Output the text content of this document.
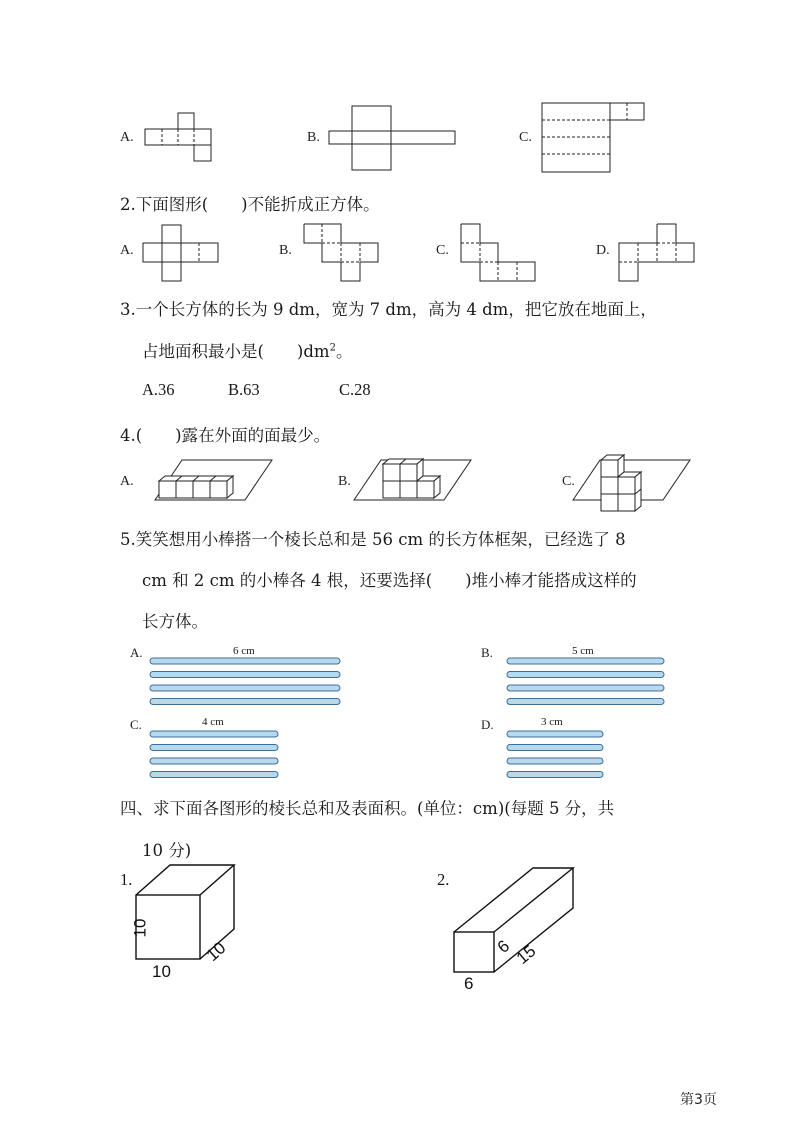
A.	B.	C.
2.下面图形(　　)不能折成正方体。
A.	B.	C.	D.
3.一个长方体的长为 9 dm，宽为 7 dm，高为 4 dm，把它放在地面上，
占地面积最小是(　　)$dm^2$。
A.36	B.63	C.28
4.(　　)露在外面的面最少。
A.	B.	C.
5.笑笑想用小棒搭一个棱长总和是 56 cm 的长方体框架，已经选了 8
cm 和 2 cm 的小棒各 4 根，还要选择(　　)堆小棒才能搭成这样的
长方体。
A.	6 cm	B.	5 cm
C.	4 cm	D.	3 cm
四、求下面各图形的棱长总和及表面积。(单位：cm)(每题 5 分，共
10 分)
1.
10
10
10
2.
6 15
6
第3页
